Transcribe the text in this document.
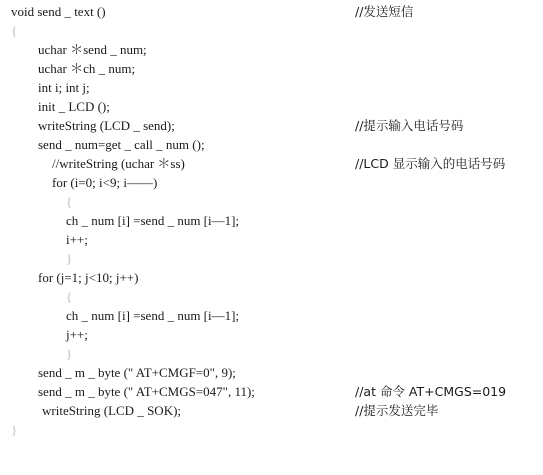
void send _ text ()

	//发送短信

{

uchar ＊send _ num;

uchar ＊ch _ num;

int i; int j;

init _ LCD ();

writeString (LCD _ send);

	//提示输入电话号码

send _ num=get _ call _ num ();

//writeString (uchar ＊ss)

	//LCD 显示输入的电话号码

for (i=0; i<9; i——)

{

ch _ num [i] =send _ num [i—1];

i++;

}

for (j=1; j<10; j++)

{

ch _ num [i] =send _ num [i—1];

j++;

}

send _ m _ byte (" AT+CMGF=0", 9);

send _ m _ byte (" AT+CMGS=047", 11);

	//at 命令 AT+CMGS=019

writeString (LCD _ SOK);

	//提示发送完毕

}
